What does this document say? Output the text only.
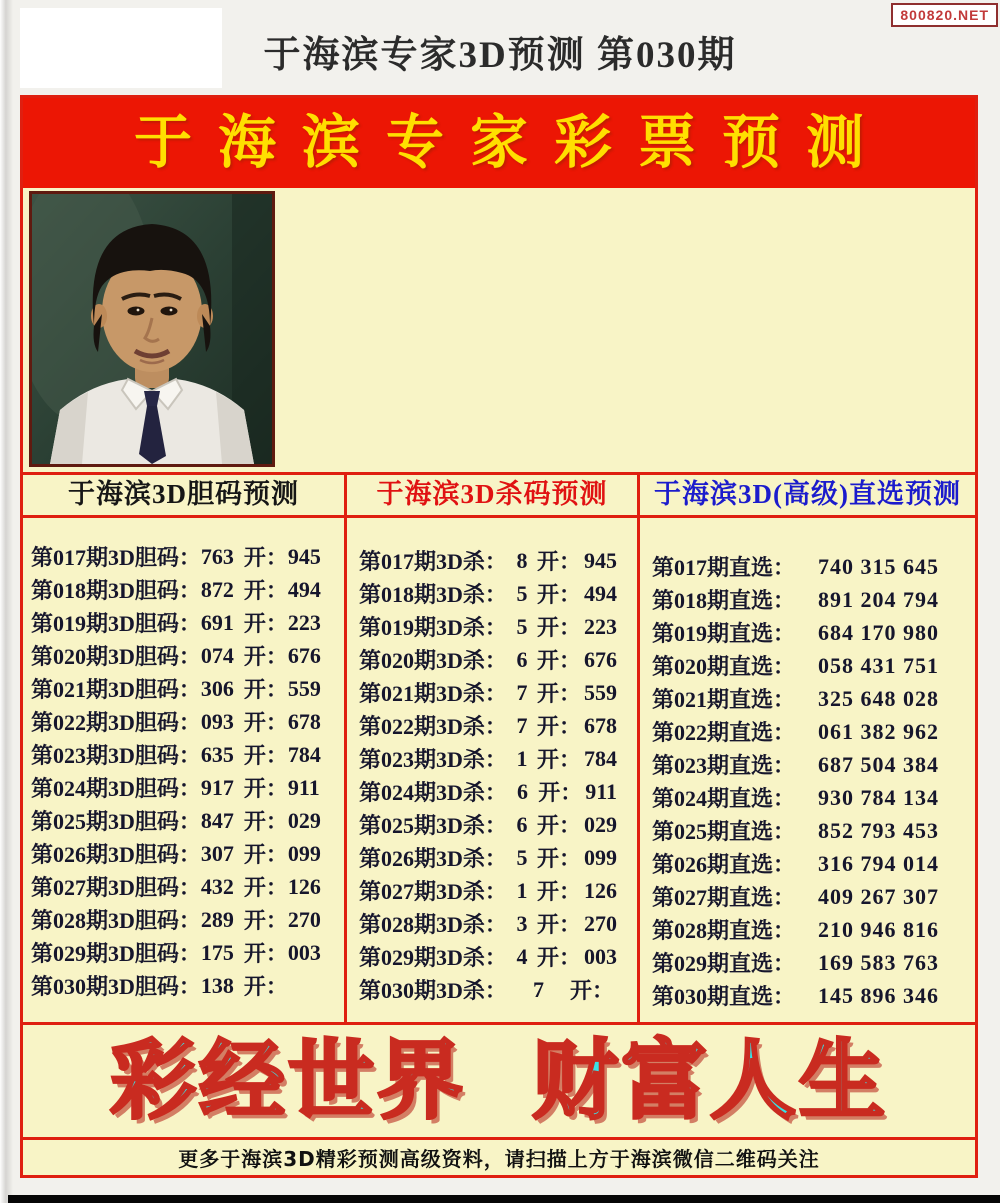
于海滨专家3D预测 第030期
800820.NET
于海滨专家彩票预测
于海滨3D胆码预测
第017期3D胆码： 763 开： 945
第018期3D胆码： 872 开： 494
第019期3D胆码： 691 开： 223
第020期3D胆码： 074 开： 676
第021期3D胆码： 306 开： 559
第022期3D胆码： 093 开： 678
第023期3D胆码： 635 开： 784
第024期3D胆码： 917 开： 911
第025期3D胆码： 847 开： 029
第026期3D胆码： 307 开： 099
第027期3D胆码： 432 开： 126
第028期3D胆码： 289 开： 270
第029期3D胆码： 175 开： 003
第030期3D胆码： 138 开：
于海滨3D杀码预测
第017期3D杀： 8 开： 945
第018期3D杀： 5 开： 494
第019期3D杀： 5 开： 223
第020期3D杀： 6 开： 676
第021期3D杀： 7 开： 559
第022期3D杀： 7 开： 678
第023期3D杀： 1 开： 784
第024期3D杀： 6 开： 911
第025期3D杀： 6 开： 029
第026期3D杀： 5 开： 099
第027期3D杀： 1 开： 126
第028期3D杀： 3 开： 270
第029期3D杀： 4 开： 003
第030期3D杀：	7	开：
于海滨3D(高级)直选预测
第017期直选： 740 315 645
第018期直选： 891 204 794
第019期直选： 684 170 980
第020期直选： 058 431 751
第021期直选： 325 648 028
第022期直选： 061 382 962
第023期直选： 687 504 384
第024期直选： 930 784 134
第025期直选： 852 793 453
第026期直选： 316 794 014
第027期直选： 409 267 307
第028期直选： 210 946 816
第029期直选： 169 583 763
第030期直选： 145 896 346
彩经世界 财富人生
更多于海滨3D精彩预测高级资料，请扫描上方于海滨微信二维码关注
